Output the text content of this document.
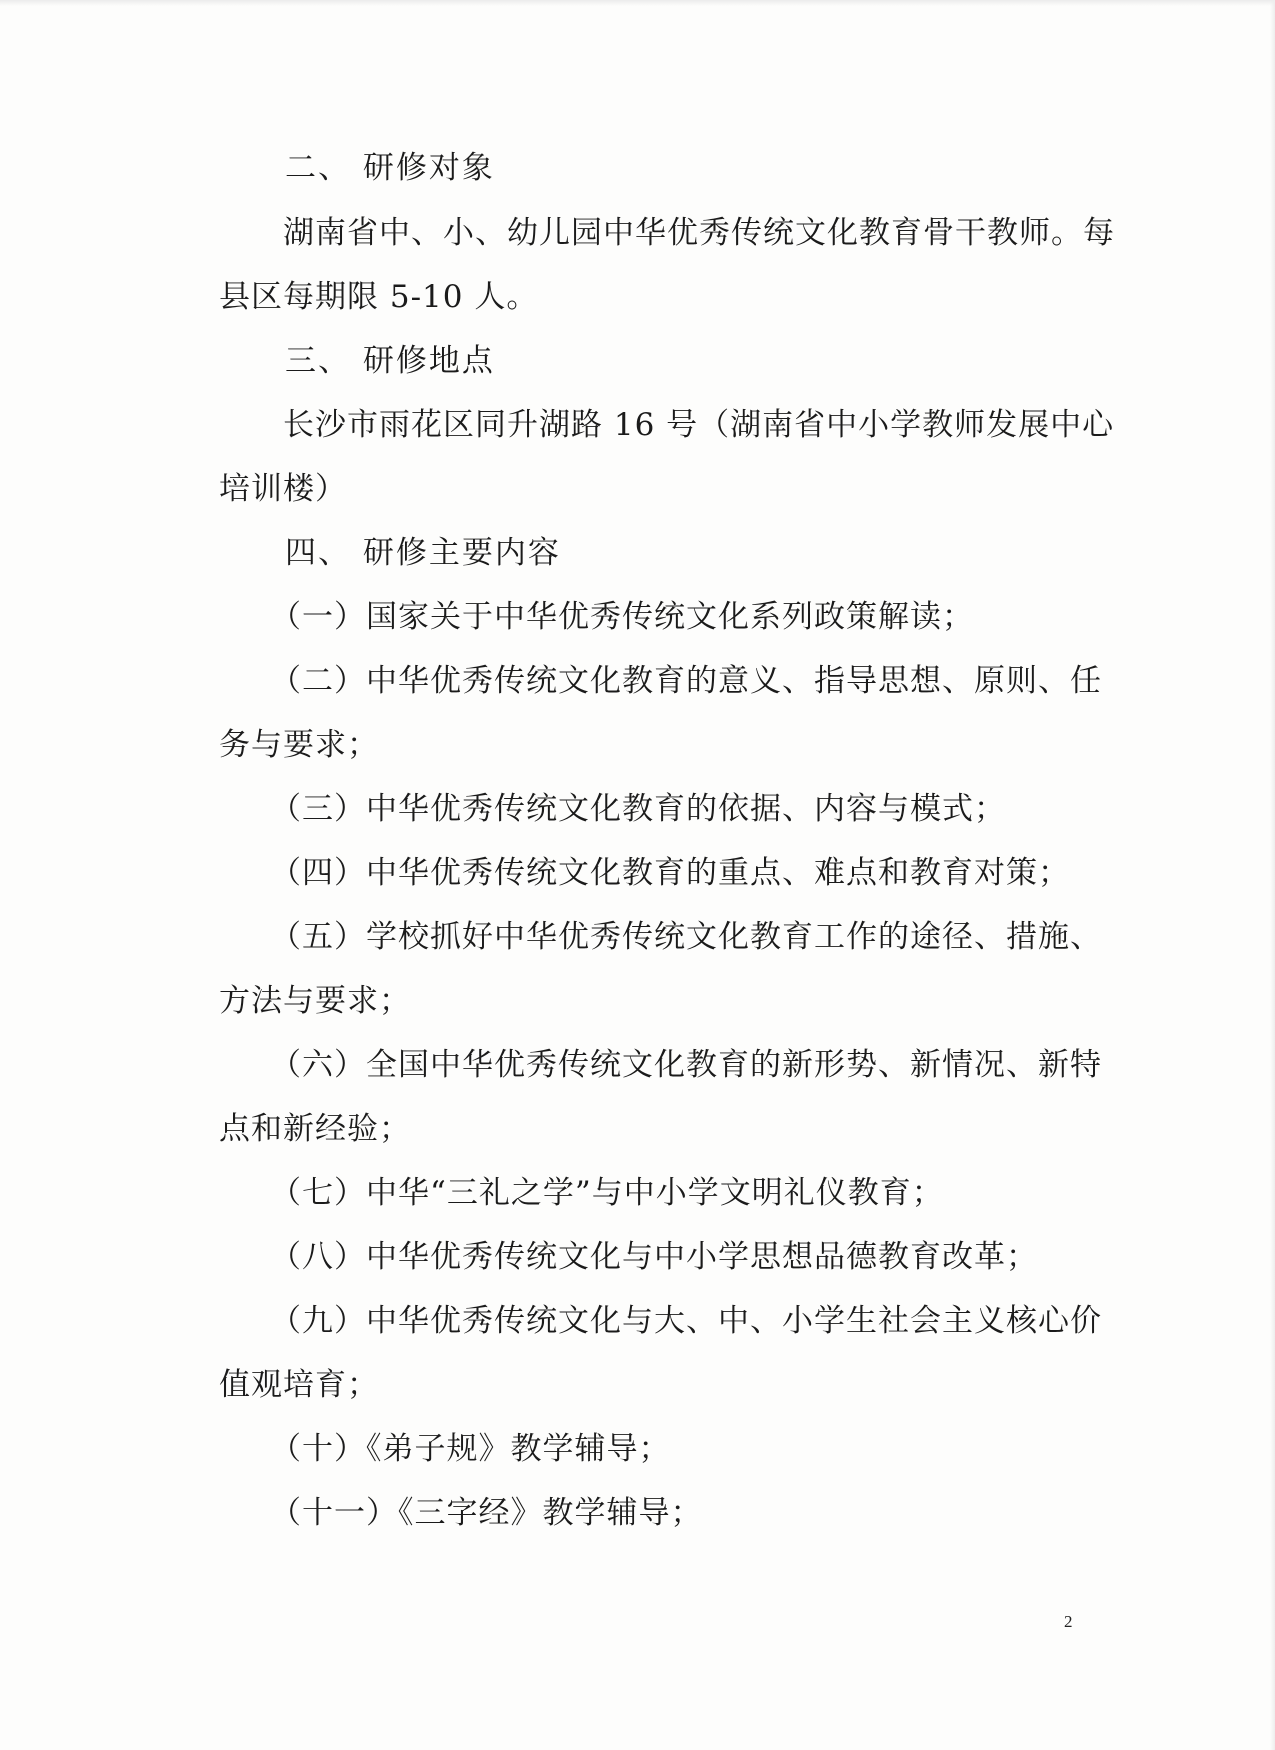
二、 研修对象
湖南省中、小、幼儿园中华优秀传统文化教育骨干教师。每
县区每期限 5-10 人。
三、 研修地点
长沙市雨花区同升湖路 16 号（湖南省中小学教师发展中心
培训楼）
四、 研修主要内容
（一）国家关于中华优秀传统文化系列政策解读；
（二）中华优秀传统文化教育的意义、指导思想、原则、任
务与要求；
（三）中华优秀传统文化教育的依据、内容与模式；
（四）中华优秀传统文化教育的重点、难点和教育对策；
（五）学校抓好中华优秀传统文化教育工作的途径、措施、
方法与要求；
（六）全国中华优秀传统文化教育的新形势、新情况、新特
点和新经验；
（七）中华“三礼之学”与中小学文明礼仪教育；
（八）中华优秀传统文化与中小学思想品德教育改革；
（九）中华优秀传统文化与大、中、小学生社会主义核心价
值观培育；
（十）《弟子规》教学辅导；
（十一）《三字经》教学辅导；
2
